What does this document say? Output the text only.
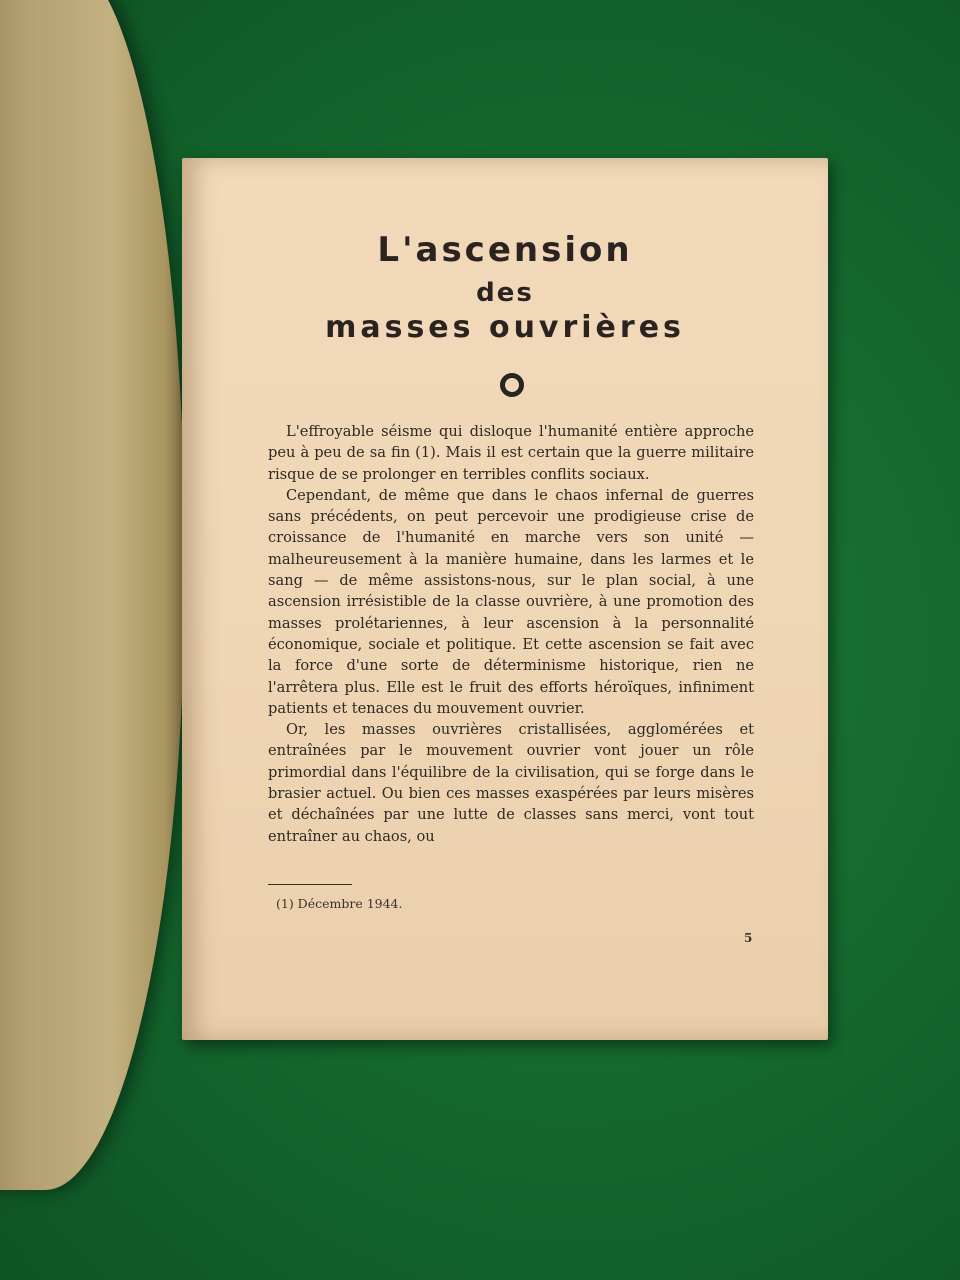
L'ascension
des
masses ouvrières

L'effroyable séisme qui disloque l'humanité entière approche peu à peu de sa fin (1). Mais il est certain que la guerre militaire risque de se prolonger en terribles conflits sociaux.

Cependant, de même que dans le chaos infernal de guerres sans précédents, on peut percevoir une prodigieuse crise de croissance de l'humanité en marche vers son unité — malheureusement à la manière humaine, dans les larmes et le sang — de même assistons-nous, sur le plan social, à une ascension irrésistible de la classe ouvrière, à une promotion des masses prolétariennes, à leur ascension à la personnalité économique, sociale et politique. Et cette ascension se fait avec la force d'une sorte de déterminisme historique, rien ne l'arrêtera plus. Elle est le fruit des efforts héroïques, infiniment patients et tenaces du mouvement ouvrier.

Or, les masses ouvrières cristallisées, agglomérées et entraînées par le mouvement ouvrier vont jouer un rôle primordial dans l'équilibre de la civilisation, qui se forge dans le brasier actuel. Ou bien ces masses exaspérées par leurs misères et déchaînées par une lutte de classes sans merci, vont tout entraîner au chaos, ou

(1) Décembre 1944.
5
